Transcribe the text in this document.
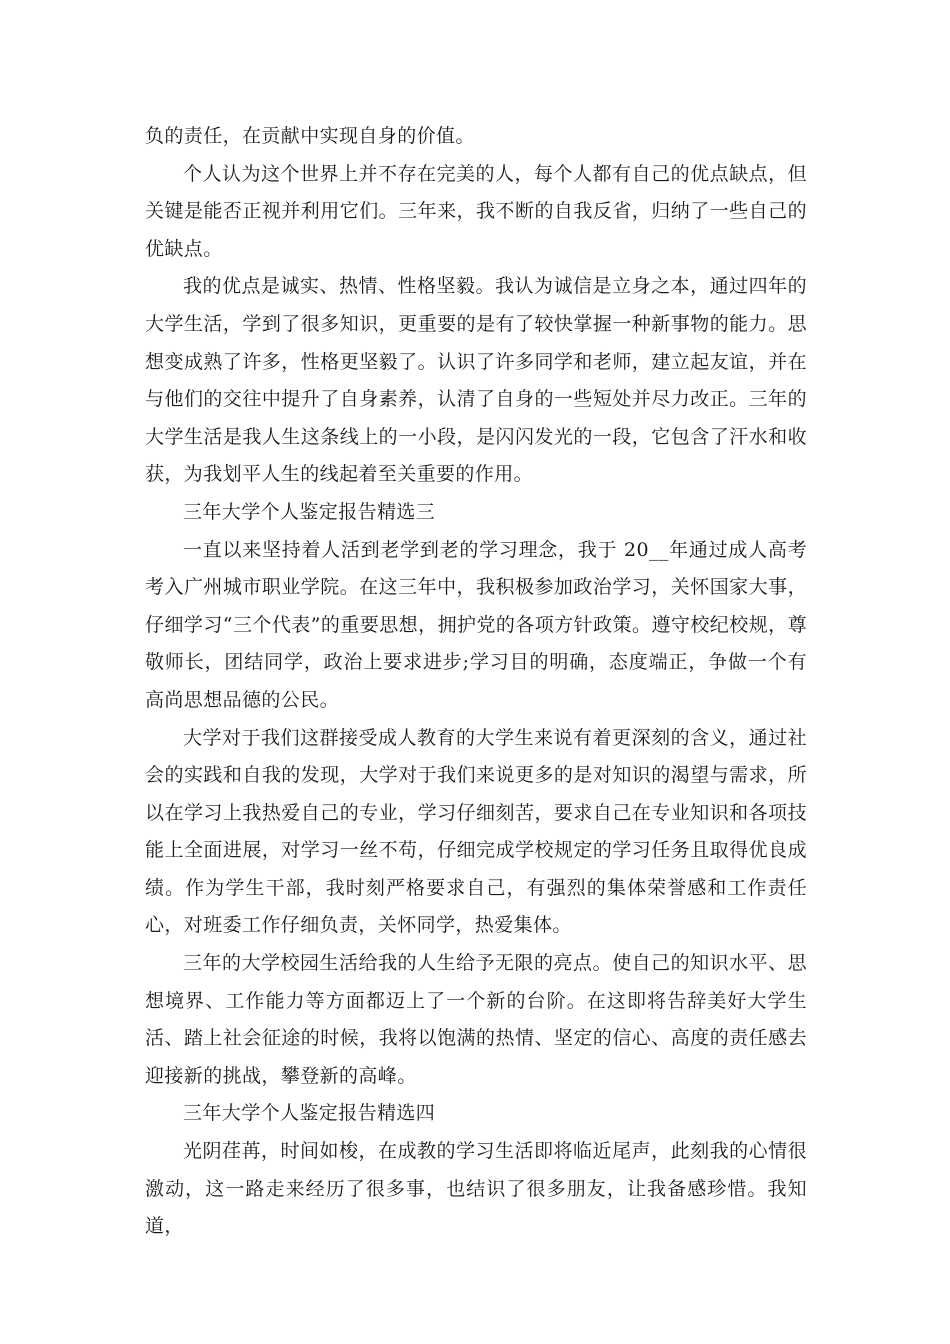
负的责任，在贡献中实现自身的价值。

个人认为这个世界上并不存在完美的人，每个人都有自己的优点缺点，但关键是能否正视并利用它们。三年来，我不断的自我反省，归纳了一些自己的优缺点。

我的优点是诚实、热情、性格坚毅。我认为诚信是立身之本，通过四年的大学生活，学到了很多知识，更重要的是有了较快掌握一种新事物的能力。思想变成熟了许多，性格更坚毅了。认识了许多同学和老师，建立起友谊，并在与他们的交往中提升了自身素养，认清了自身的一些短处并尽力改正。三年的大学生活是我人生这条线上的一小段，是闪闪发光的一段，它包含了汗水和收获，为我划平人生的线起着至关重要的作用。

三年大学个人鉴定报告精选三

一直以来坚持着人活到老学到老的学习理念，我于 20__年通过成人高考考入广州城市职业学院。在这三年中，我积极参加政治学习，关怀国家大事，仔细学习“三个代表”的重要思想，拥护党的各项方针政策。遵守校纪校规，尊敬师长，团结同学，政治上要求进步;学习目的明确，态度端正，争做一个有高尚思想品德的公民。

大学对于我们这群接受成人教育的大学生来说有着更深刻的含义，通过社会的实践和自我的发现，大学对于我们来说更多的是对知识的渴望与需求，所以在学习上我热爱自己的专业，学习仔细刻苦，要求自己在专业知识和各项技能上全面进展，对学习一丝不苟，仔细完成学校规定的学习任务且取得优良成绩。作为学生干部，我时刻严格要求自己，有强烈的集体荣誉感和工作责任心，对班委工作仔细负责，关怀同学，热爱集体。

三年的大学校园生活给我的人生给予无限的亮点。使自己的知识水平、思想境界、工作能力等方面都迈上了一个新的台阶。在这即将告辞美好大学生活、踏上社会征途的时候，我将以饱满的热情、坚定的信心、高度的责任感去迎接新的挑战，攀登新的高峰。

三年大学个人鉴定报告精选四

光阴荏苒，时间如梭，在成教的学习生活即将临近尾声，此刻我的心情很激动，这一路走来经历了很多事，也结识了很多朋友，让我备感珍惜。我知道，
